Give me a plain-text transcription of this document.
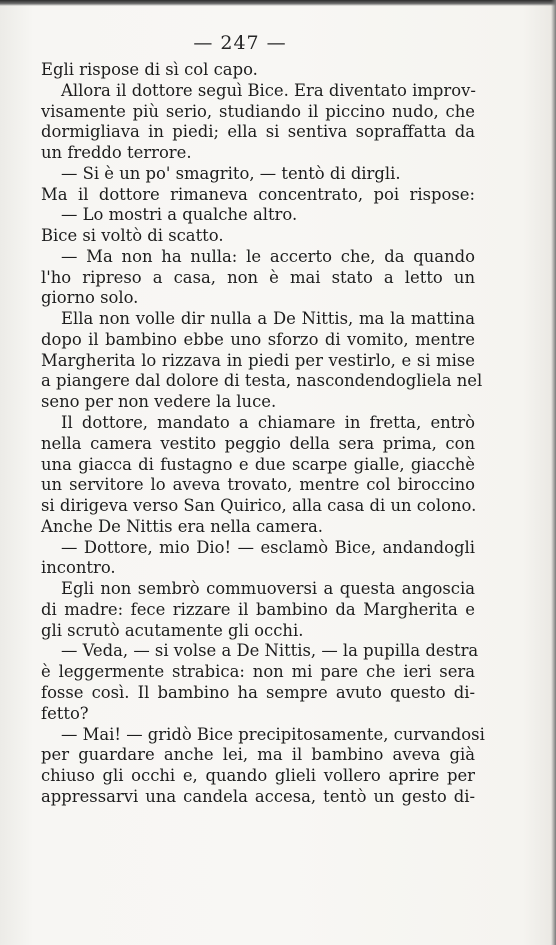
— 247 —
Egli rispose di sì col capo.
Allora il dottore seguì Bice. Era diventato improv-
visamente più serio, studiando il piccino nudo, che
dormigliava in piedi; ella si sentiva sopraffatta da
un freddo terrore.
— Si è un po' smagrito, — tentò di dirgli.
Ma il dottore rimaneva concentrato, poi rispose:
— Lo mostri a qualche altro.
Bice si voltò di scatto.
— Ma non ha nulla: le accerto che, da quando
l'ho ripreso a casa, non è mai stato a letto un
giorno solo.
Ella non volle dir nulla a De Nittis, ma la mattina
dopo il bambino ebbe uno sforzo di vomito, mentre
Margherita lo rizzava in piedi per vestirlo, e si mise
a piangere dal dolore di testa, nascondendogliela nel
seno per non vedere la luce.
Il dottore, mandato a chiamare in fretta, entrò
nella camera vestito peggio della sera prima, con
una giacca di fustagno e due scarpe gialle, giacchè
un servitore lo aveva trovato, mentre col biroccino
si dirigeva verso San Quirico, alla casa di un colono.
Anche De Nittis era nella camera.
— Dottore, mio Dio! — esclamò Bice, andandogli
incontro.
Egli non sembrò commuoversi a questa angoscia
di madre: fece rizzare il bambino da Margherita e
gli scrutò acutamente gli occhi.
— Veda, — si volse a De Nittis, — la pupilla destra
è leggermente strabica: non mi pare che ieri sera
fosse così. Il bambino ha sempre avuto questo di-
fetto?
— Mai! — gridò Bice precipitosamente, curvandosi
per guardare anche lei, ma il bambino aveva già
chiuso gli occhi e, quando glieli vollero aprire per
appressarvi una candela accesa, tentò un gesto di-
